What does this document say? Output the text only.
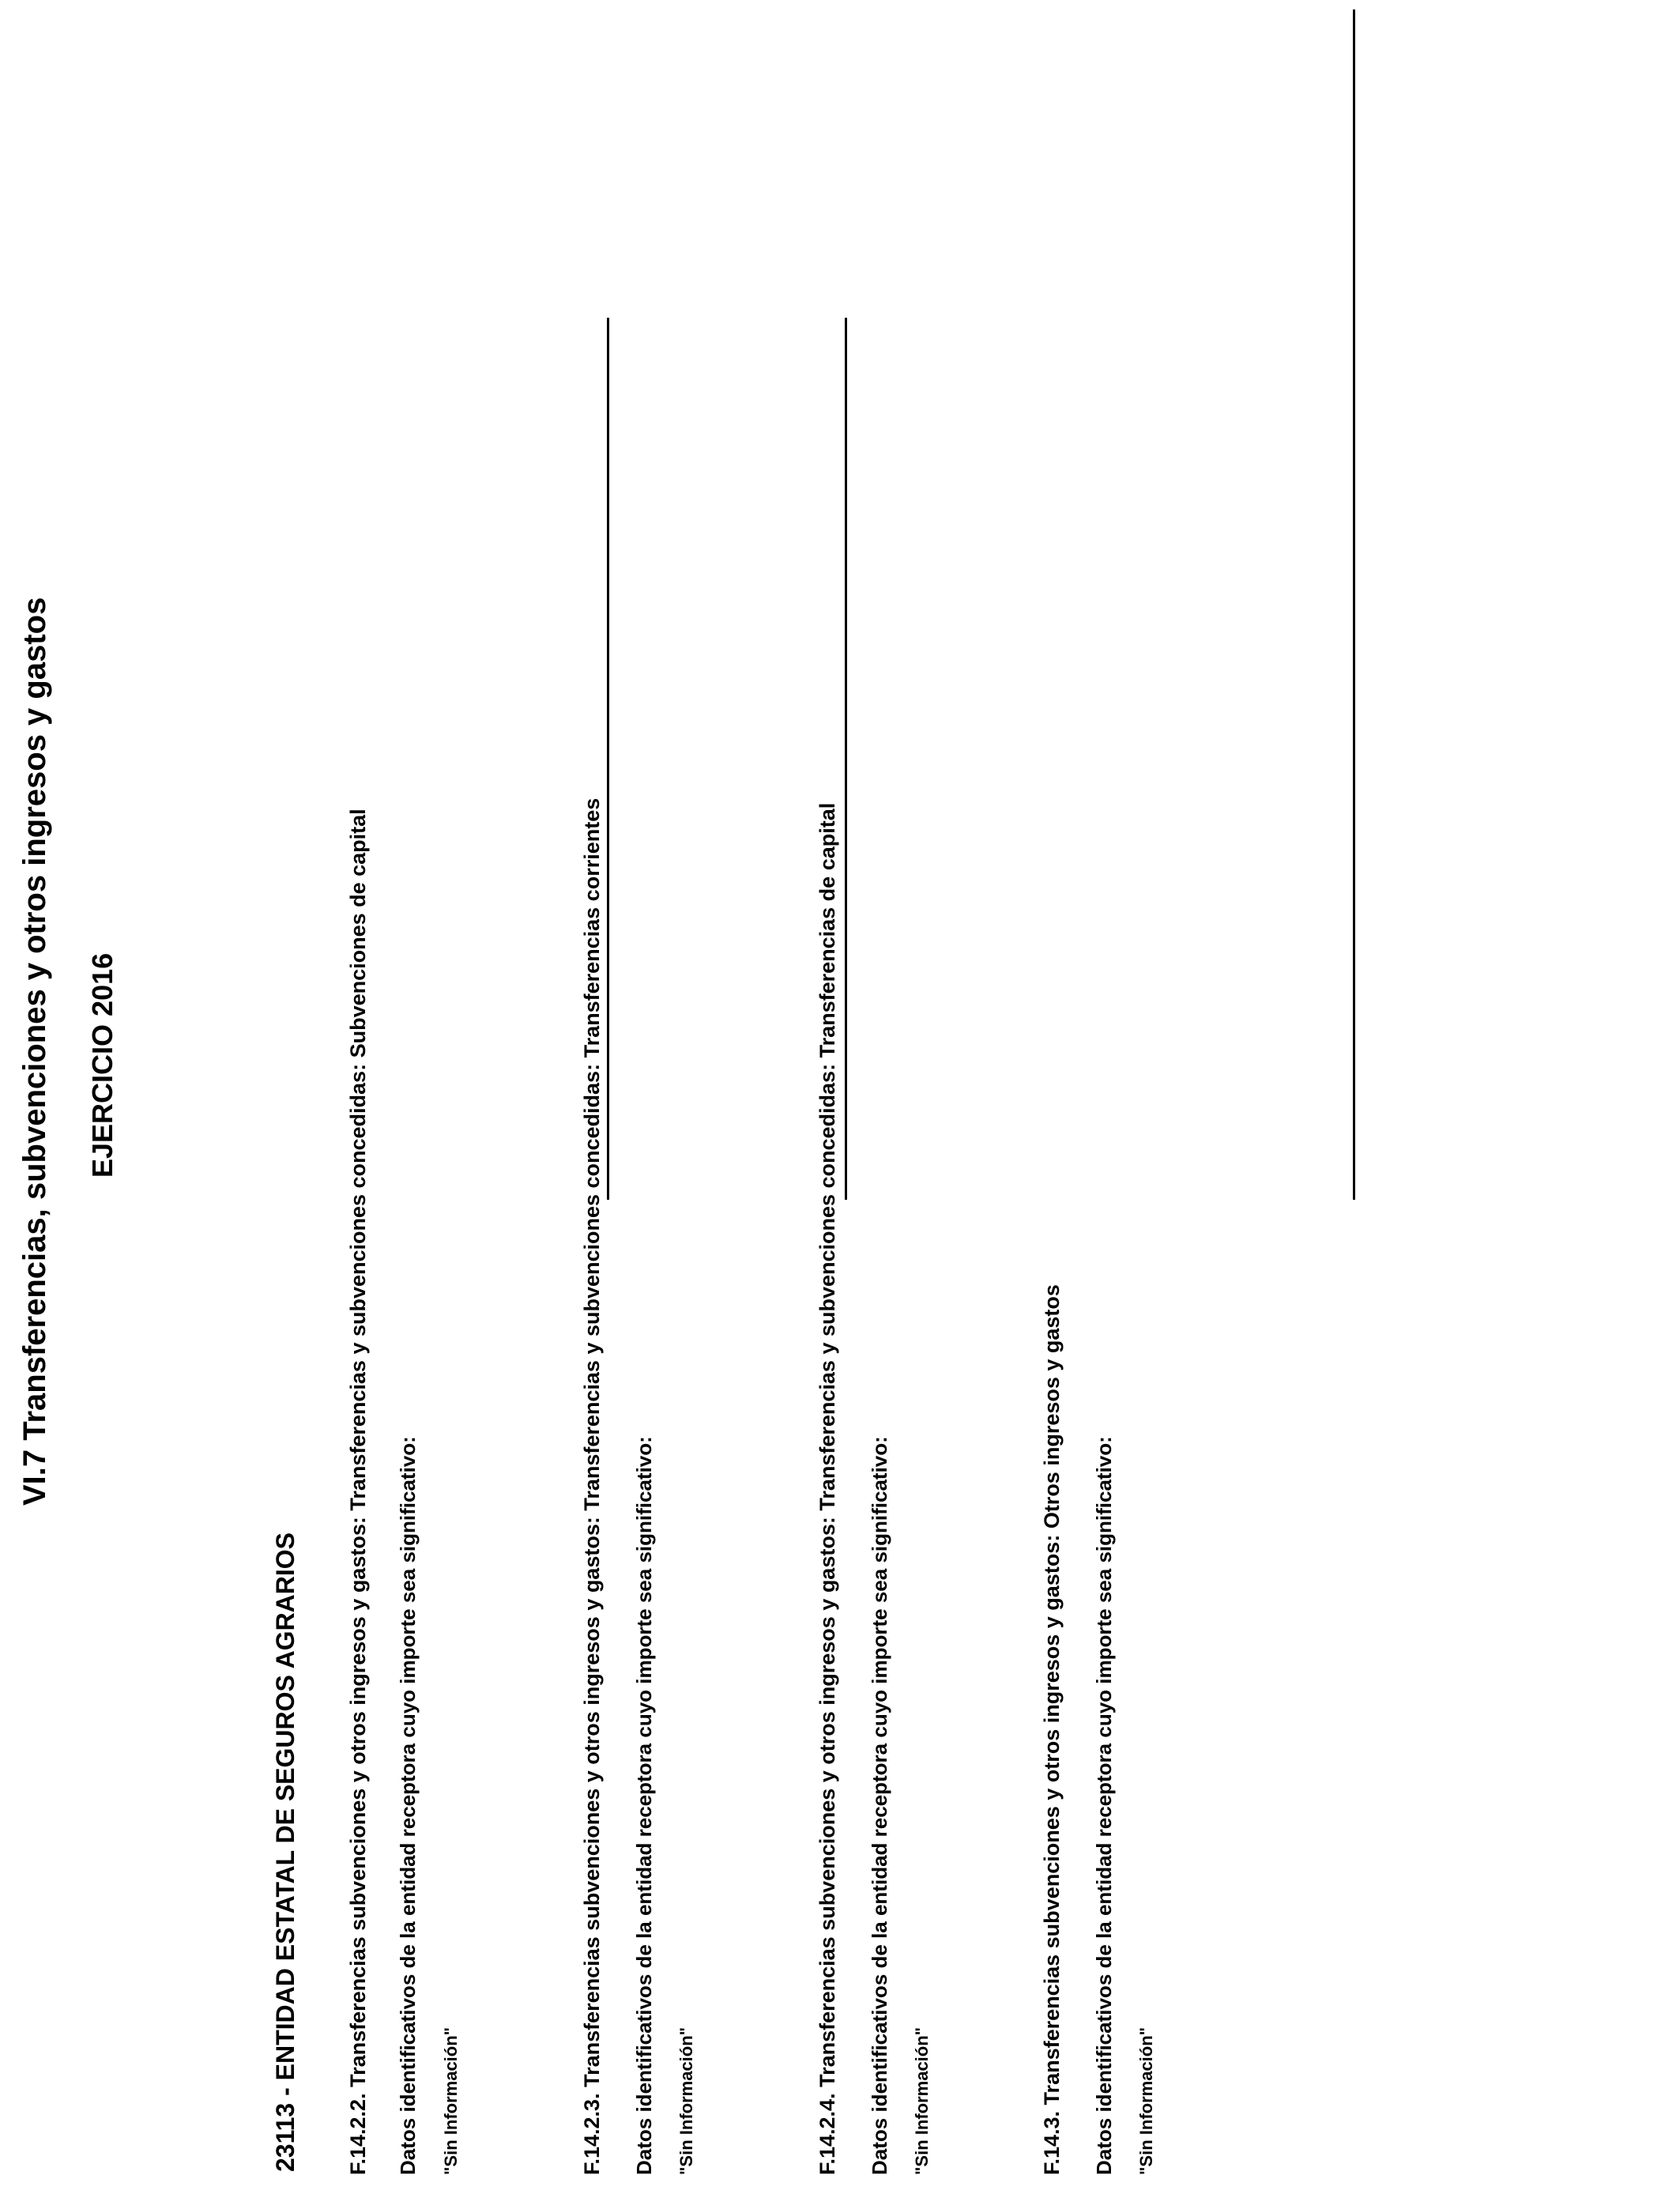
VI.7 Transferencias, subvenciones y otros ingresos y gastos EJERCICIO 2016
23113 - ENTIDAD ESTATAL DE SEGUROS AGRARIOS F.14.2.2. Transferencias subvenciones y otros ingresos y gastos: Transferencias y subvenciones concedidas: Subvenciones de capital Datos identificativos de la entidad receptora cuyo importe sea significativo: "Sin Información"	F.14.2.3. Transferencias subvenciones y otros ingresos y gastos: Transferencias y subvenciones concedidas: Transferencias corrientes Datos identificativos de la entidad receptora cuyo importe sea significativo: "Sin Información"	F.14.2.4. Transferencias subvenciones y otros ingresos y gastos: Transferencias y subvenciones concedidas: Transferencias de capital Datos identificativos de la entidad receptora cuyo importe sea significativo: "Sin Información"	F.14.3. Transferencias subvenciones y otros ingresos y gastos: Otros ingresos y gastos Datos identificativos de la entidad receptora cuyo importe sea significativo: "Sin Información"
